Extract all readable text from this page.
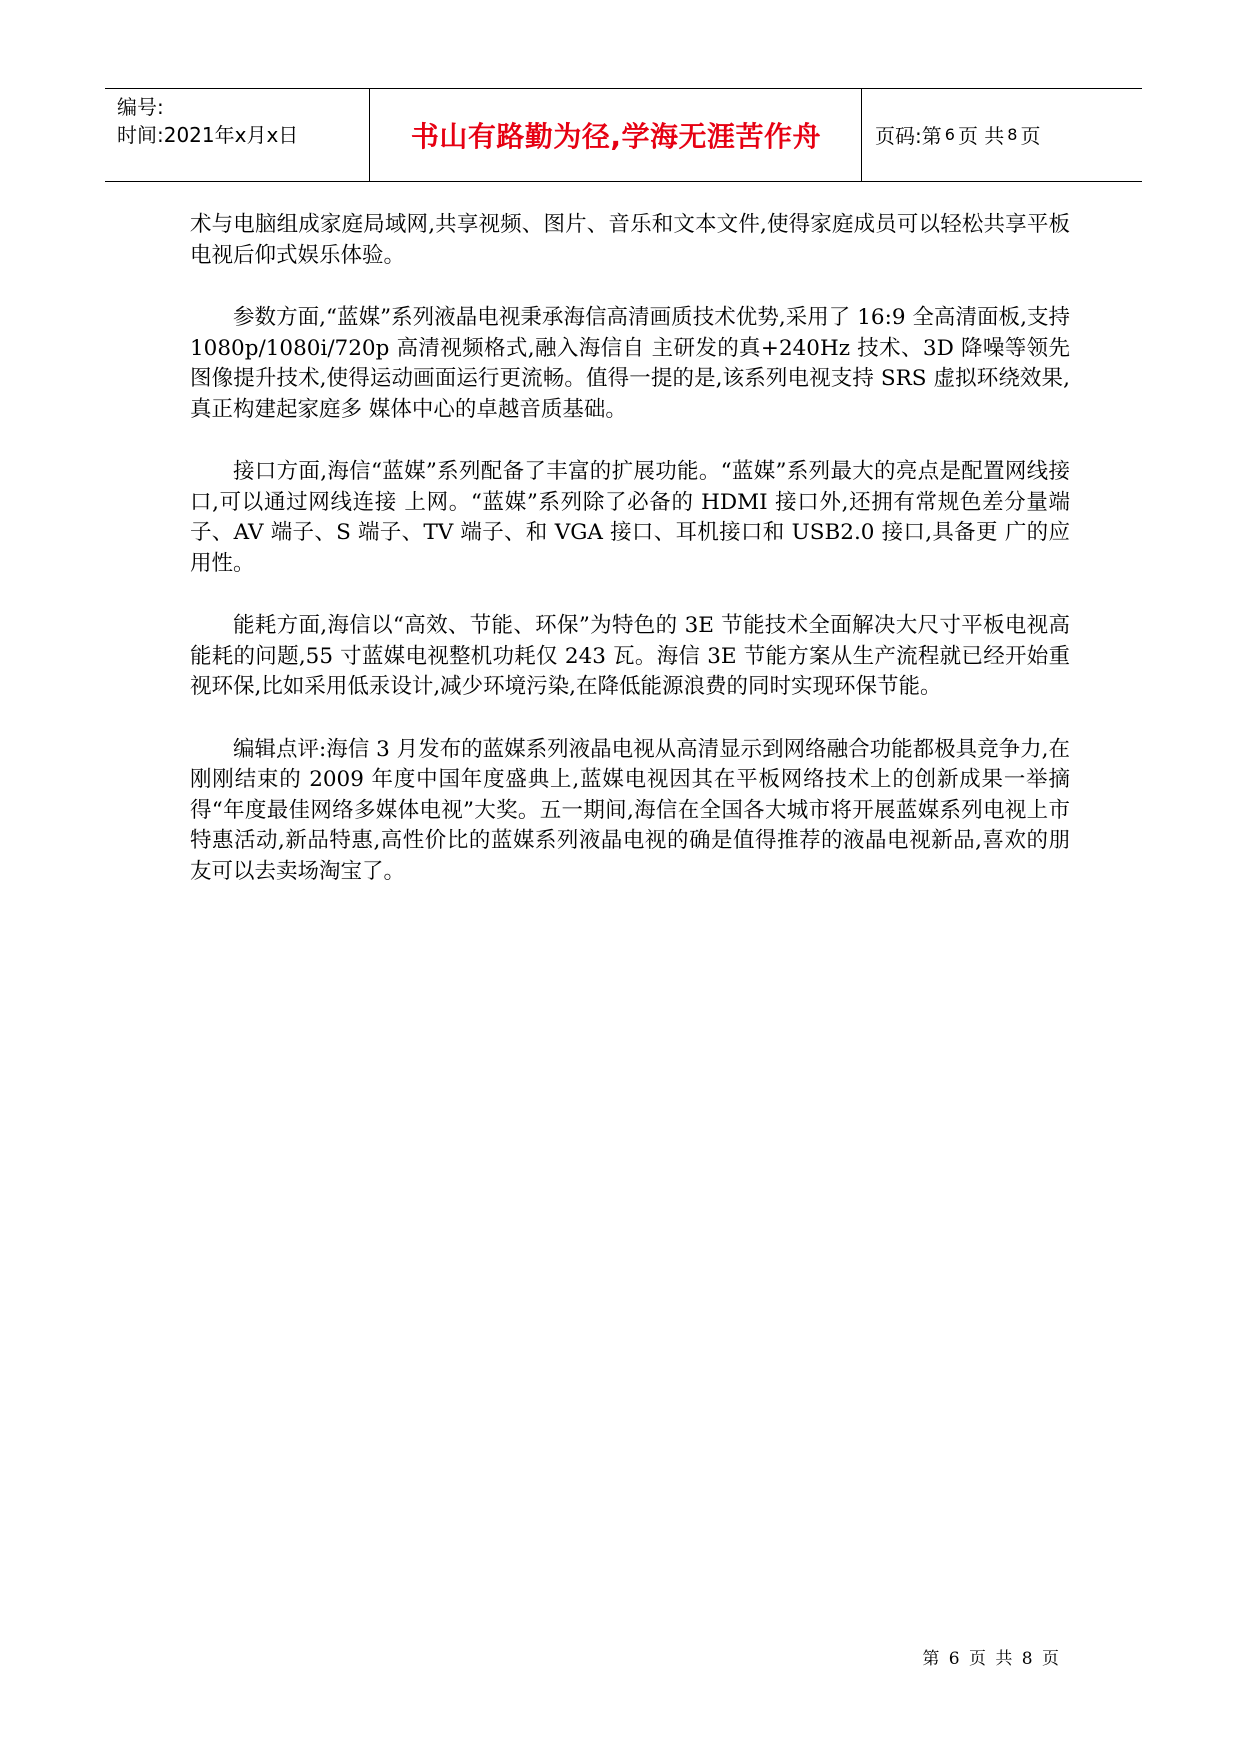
编号:
时间:2021年x月x日	书山有路勤为径,学海无涯苦作舟	页码:第 6 页 共 8 页

术与电脑组成家庭局域网,共享视频、图片、音乐和文本文件,使得家庭成员可以轻松共享平板电视后仰式娱乐体验。

参数方面,“蓝媒”系列液晶电视秉承海信高清画质技术优势,采用了 16:9 全高清面板,支持 1080p/1080i/720p 高清视频格式,融入海信自 主研发的真+240Hz 技术、3D 降噪等领先图像提升技术,使得运动画面运行更流畅。值得一提的是,该系列电视支持 SRS 虚拟环绕效果,真正构建起家庭多 媒体中心的卓越音质基础。

接口方面,海信“蓝媒”系列配备了丰富的扩展功能。“蓝媒”系列最大的亮点是配置网线接口,可以通过网线连接 上网。“蓝媒”系列除了必备的 HDMI 接口外,还拥有常规色差分量端子、AV 端子、S 端子、TV 端子、和 VGA 接口、耳机接口和 USB2.0 接口,具备更 广的应用性。

能耗方面,海信以“高效、节能、环保”为特色的 3E 节能技术全面解决大尺寸平板电视高能耗的问题,55 寸蓝媒电视整机功耗仅 243 瓦。海信 3E 节能方案从生产流程就已经开始重视环保,比如采用低汞设计,减少环境污染,在降低能源浪费的同时实现环保节能。

编辑点评:海信 3 月发布的蓝媒系列液晶电视从高清显示到网络融合功能都极具竞争力,在刚刚结束的 2009 年度中国年度盛典上,蓝媒电视因其在平板网络技术上的创新成果一举摘得“年度最佳网络多媒体电视”大奖。五一期间,海信在全国各大城市将开展蓝媒系列电视上市特惠活动,新品特惠,高性价比的蓝媒系列液晶电视的确是值得推荐的液晶电视新品,喜欢的朋友可以去卖场淘宝了。

第 6 页 共 8 页
